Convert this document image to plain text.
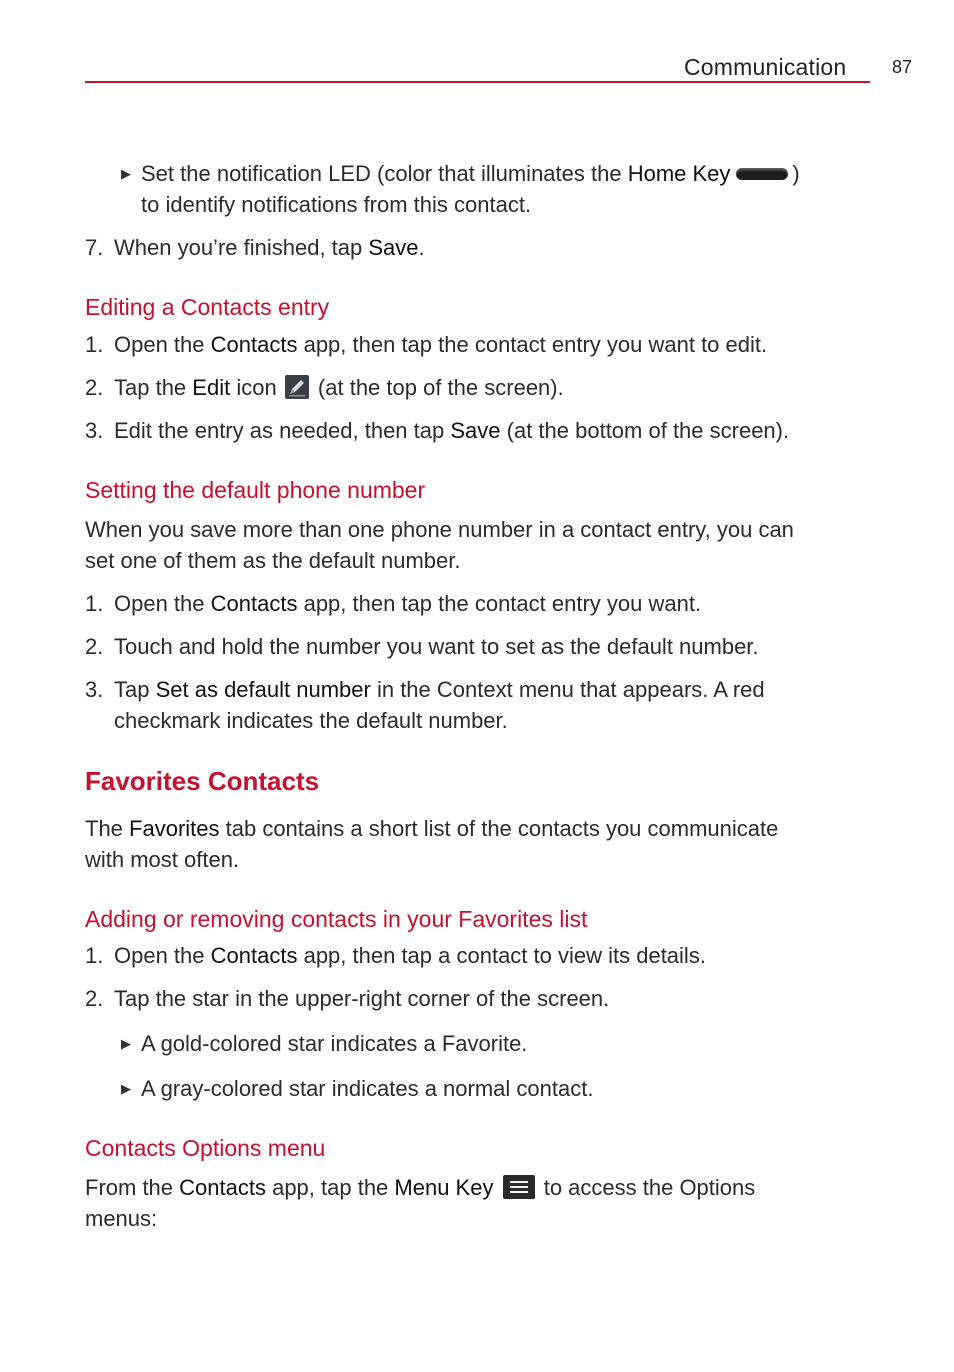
Communication	87
▶ Set the notification LED (color that illuminates the Home Key	)
to identify notifications from this contact.
7. When you’re finished, tap Save.
Editing a Contacts entry
1. Open the Contacts app, then tap the contact entry you want to edit.
2. Tap the Edit icon  (at the top of the screen).
3. Edit the entry as needed, then tap Save (at the bottom of the screen).
Setting the default phone number
When you save more than one phone number in a contact entry, you can
set one of them as the default number.
1. Open the Contacts app, then tap the contact entry you want.
2. Touch and hold the number you want to set as the default number.
3. Tap Set as default number in the Context menu that appears. A red
checkmark indicates the default number.
Favorites Contacts
The Favorites tab contains a short list of the contacts you communicate
with most often.
Adding or removing contacts in your Favorites list
1. Open the Contacts app, then tap a contact to view its details.
2. Tap the star in the upper-right corner of the screen.
▶ A gold-colored star indicates a Favorite.
▶ A gray-colored star indicates a normal contact.
Contacts Options menu
From the Contacts app, tap the Menu Key  to access the Options
menus:
